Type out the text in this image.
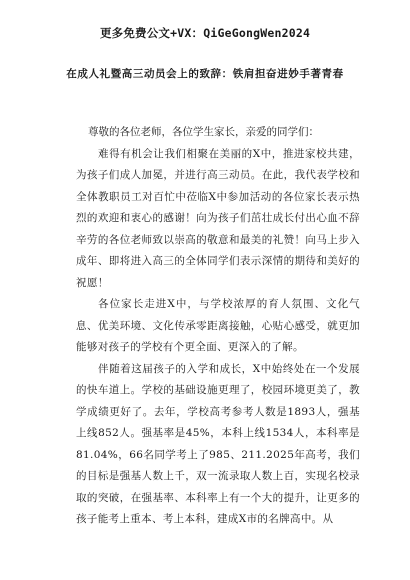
更多免费公文+VX：QiGeGongWen2024
在成人礼暨高三动员会上的致辞：铁肩担奋进妙手著青春

尊敬的各位老师，各位学生家长，亲爱的同学们：

难得有机会让我们相聚在美丽的X中，推进家校共建，为孩子们成人加冕，并进行高三动员。在此，我代表学校和全体教职员工对百忙中莅临X中参加活动的各位家长表示热烈的欢迎和衷心的感谢！向为孩子们茁壮成长付出心血不辞辛劳的各位老师致以崇高的敬意和最美的礼赞！向马上步入成年、即将进入高三的全体同学们表示深情的期待和美好的祝愿！

各位家长走进X中，与学校浓厚的育人氛围、文化气息、优美环境、文化传承零距离接触，心贴心感受，就更加能够对孩子的学校有个更全面、更深入的了解。

伴随着这届孩子的入学和成长，X中始终处在一个发展的快车道上。学校的基础设施更理了，校园环境更美了，教学成绩更好了。去年，学校高考参考人数是1893人，强基上线852人。强基率是45%，本科上线1534人，本科率是81.04%，66名同学考上了985、211.2025年高考，我们的目标是强基人数上千，双一流录取人数上百，实现名校录取的突破，在强基率、本科率上有一个大的提升，让更多的孩子能考上重本、考上本科，建成X市的名牌高中。从
